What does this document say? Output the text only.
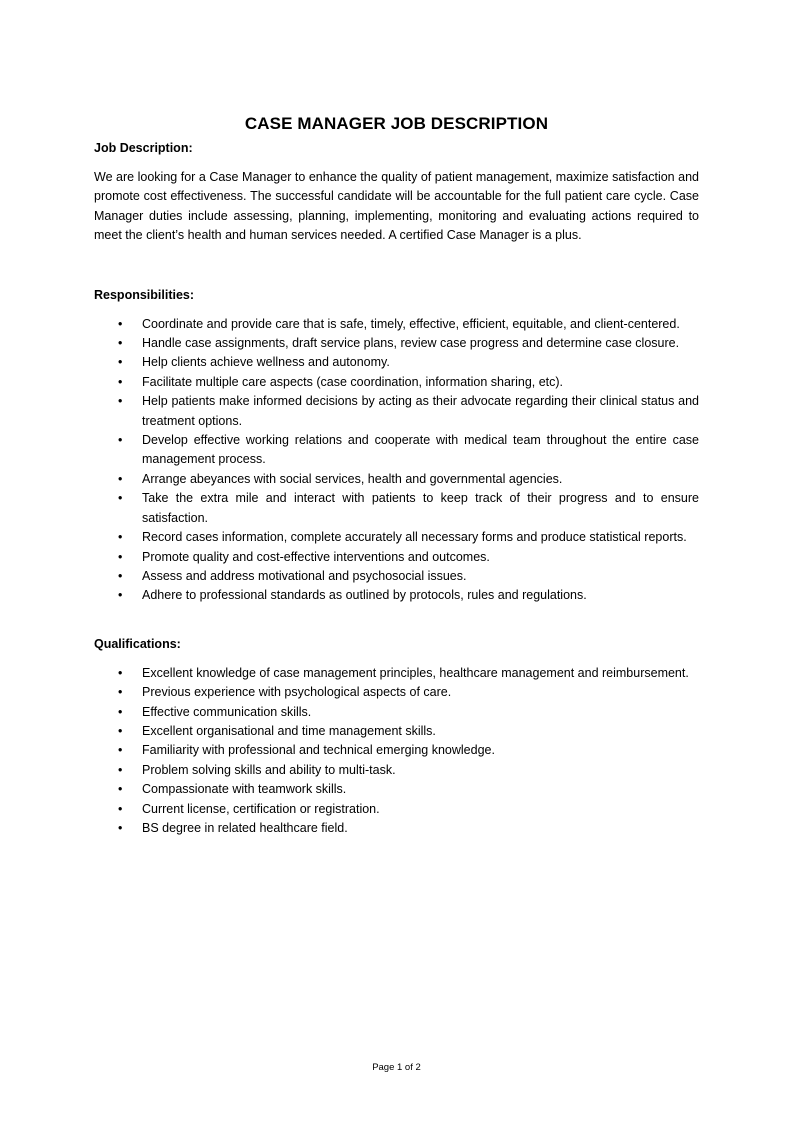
CASE MANAGER JOB DESCRIPTION
Job Description:

We are looking for a Case Manager to enhance the quality of patient management, maximize satisfaction and promote cost effectiveness. The successful candidate will be accountable for the full patient care cycle. Case Manager duties include assessing, planning, implementing, monitoring and evaluating actions required to meet the client’s health and human services needed. A certified Case Manager is a plus.

Responsibilities:
• Coordinate and provide care that is safe, timely, effective, efficient, equitable, and client-centered.
• Handle case assignments, draft service plans, review case progress and determine case closure.
• Help clients achieve wellness and autonomy.
• Facilitate multiple care aspects (case coordination, information sharing, etc).
• Help patients make informed decisions by acting as their advocate regarding their clinical status and treatment options.
• Develop effective working relations and cooperate with medical team throughout the entire case management process.
• Arrange abeyances with social services, health and governmental agencies.
• Take the extra mile and interact with patients to keep track of their progress and to ensure satisfaction.
• Record cases information, complete accurately all necessary forms and produce statistical reports.
• Promote quality and cost-effective interventions and outcomes.
• Assess and address motivational and psychosocial issues.
• Adhere to professional standards as outlined by protocols, rules and regulations.
Qualifications:
• Excellent knowledge of case management principles, healthcare management and reimbursement.
• Previous experience with psychological aspects of care.
• Effective communication skills.
• Excellent organisational and time management skills.
• Familiarity with professional and technical emerging knowledge.
• Problem solving skills and ability to multi-task.
• Compassionate with teamwork skills.
• Current license, certification or registration.
• BS degree in related healthcare field.
Page 1 of 2
